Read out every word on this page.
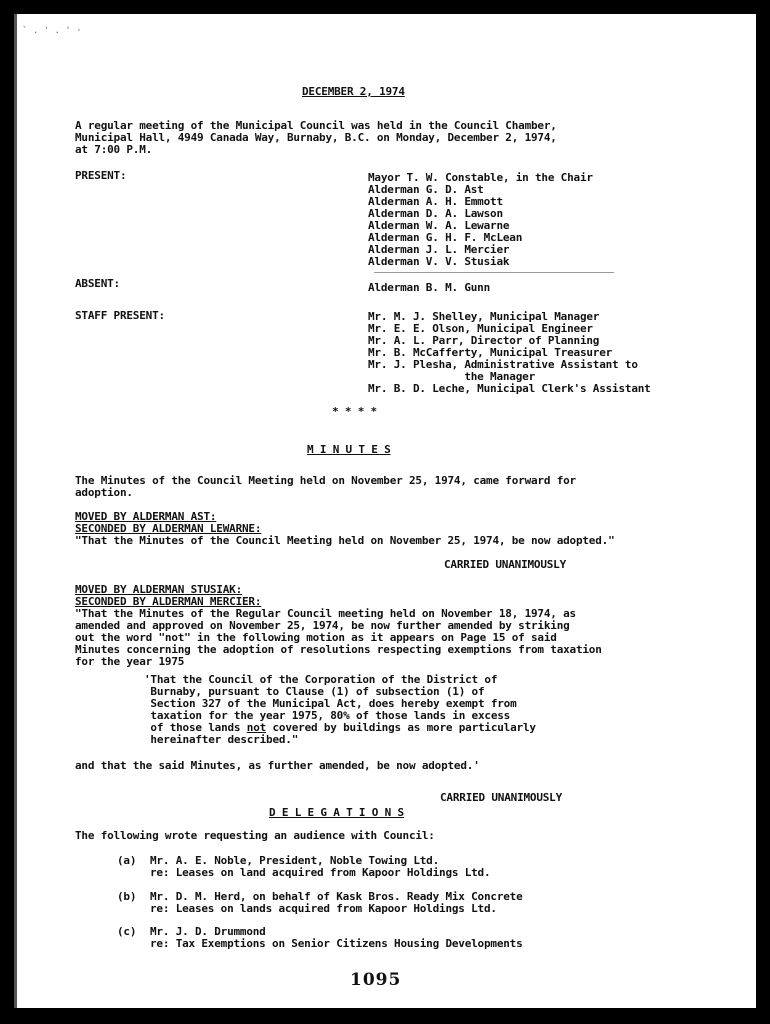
` . ' . ' ·
DECEMBER 2, 1974
A regular meeting of the Municipal Council was held in the Council Chamber,
Municipal Hall, 4949 Canada Way, Burnaby, B.C. on Monday, December 2, 1974,
at 7:00 P.M.
PRESENT:	Mayor T. W. Constable, in the Chair
Alderman G. D. Ast
Alderman A. H. Emmott
Alderman D. A. Lawson
Alderman W. A. Lewarne
Alderman G. H. F. McLean
Alderman J. L. Mercier
Alderman V. V. Stusiak
ABSENT:	Alderman B. M. Gunn
STAFF PRESENT:	Mr. M. J. Shelley, Municipal Manager
Mr. E. E. Olson, Municipal Engineer
Mr. A. L. Parr, Director of Planning
Mr. B. McCafferty, Municipal Treasurer
Mr. J. Plesha, Administrative Assistant to
the Manager
Mr. B. D. Leche, Municipal Clerk's Assistant
* * * *
M I N U T E S
The Minutes of the Council Meeting held on November 25, 1974, came forward for
adoption.
MOVED BY ALDERMAN AST:
SECONDED BY ALDERMAN LEWARNE:
"That the Minutes of the Council Meeting held on November 25, 1974, be now adopted."
CARRIED UNANIMOUSLY
MOVED BY ALDERMAN STUSIAK:
SECONDED BY ALDERMAN MERCIER:
"That the Minutes of the Regular Council meeting held on November 18, 1974, as
amended and approved on November 25, 1974, be now further amended by striking
out the word "not" in the following motion as it appears on Page 15 of said
Minutes concerning the adoption of resolutions respecting exemptions from taxation
for the year 1975
'That the Council of the Corporation of the District of
Burnaby, pursuant to Clause (1) of subsection (1) of
Section 327 of the Municipal Act, does hereby exempt from
taxation for the year 1975, 80% of those lands in excess
of those lands not covered by buildings as more particularly
hereinafter described."
and that the said Minutes, as further amended, be now adopted.'
CARRIED UNANIMOUSLY
D E L E G A T I O N S
The following wrote requesting an audience with Council:
(a) Mr. A. E. Noble, President, Noble Towing Ltd.
re: Leases on land acquired from Kapoor Holdings Ltd.
(b) Mr. D. M. Herd, on behalf of Kask Bros. Ready Mix Concrete
re: Leases on lands acquired from Kapoor Holdings Ltd.
(c) Mr. J. D. Drummond
re: Tax Exemptions on Senior Citizens Housing Developments
1095
